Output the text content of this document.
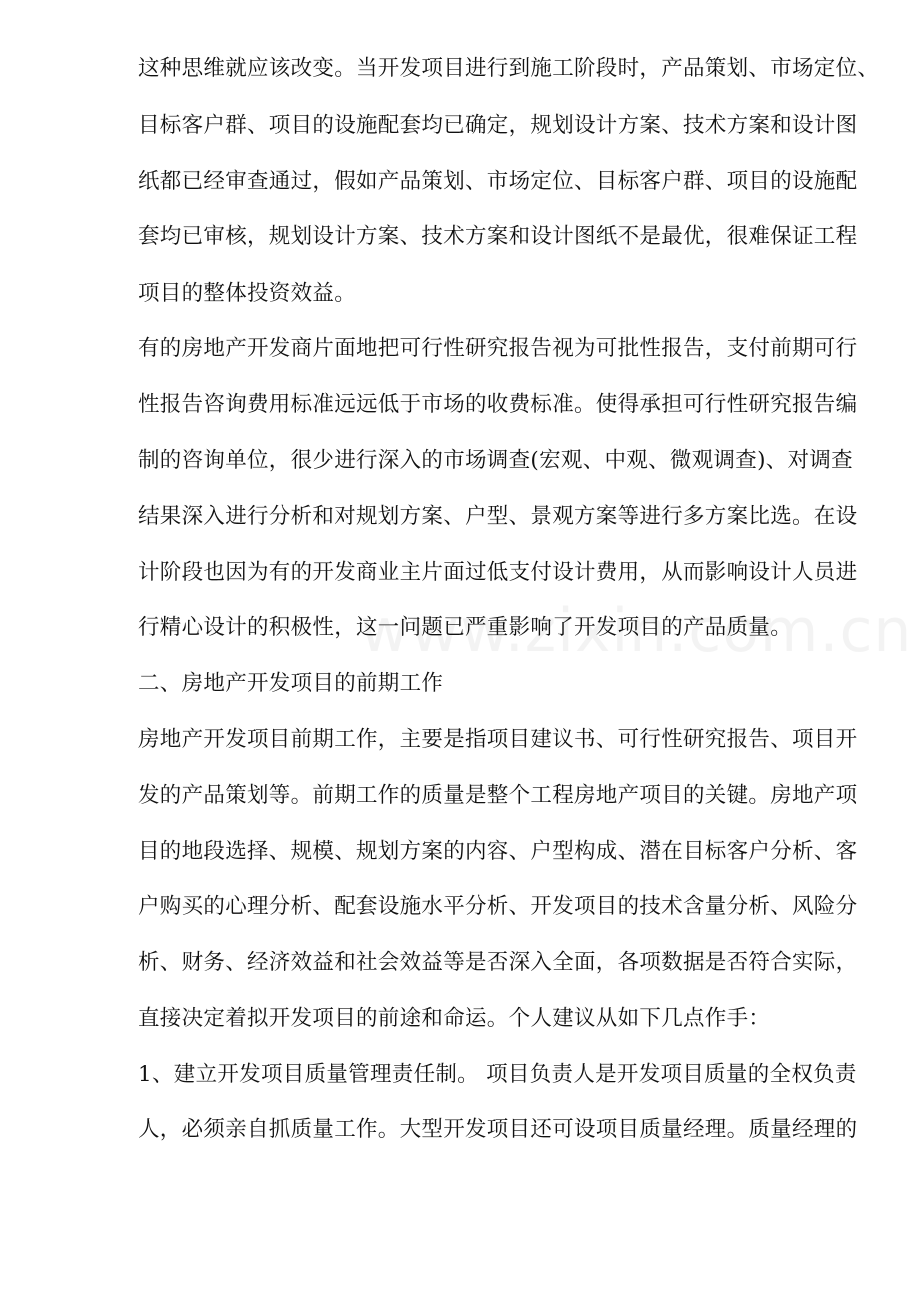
这种思维就应该改变。当开发项目进行到施工阶段时，产品策划、市场定位、
目标客户群、项目的设施配套均已确定，规划设计方案、技术方案和设计图
纸都已经审查通过，假如产品策划、市场定位、目标客户群、项目的设施配
套均已审核，规划设计方案、技术方案和设计图纸不是最优，很难保证工程
项目的整体投资效益。
有的房地产开发商片面地把可行性研究报告视为可批性报告，支付前期可行
性报告咨询费用标准远远低于市场的收费标准。使得承担可行性研究报告编
制的咨询单位，很少进行深入的市场调查(宏观、中观、微观调查)、对调查
结果深入进行分析和对规划方案、户型、景观方案等进行多方案比选。在设
计阶段也因为有的开发商业主片面过低支付设计费用，从而影响设计人员进
行精心设计的积极性，这一问题已严重影响了开发项目的产品质量。
二、房地产开发项目的前期工作
房地产开发项目前期工作，主要是指项目建议书、可行性研究报告、项目开
发的产品策划等。前期工作的质量是整个工程房地产项目的关键。房地产项
目的地段选择、规模、规划方案的内容、户型构成、潜在目标客户分析、客
户购买的心理分析、配套设施水平分析、开发项目的技术含量分析、风险分
析、财务、经济效益和社会效益等是否深入全面，各项数据是否符合实际，
直接决定着拟开发项目的前途和命运。个人建议从如下几点作手：
1、建立开发项目质量管理责任制。 项目负责人是开发项目质量的全权负责
人，必须亲自抓质量工作。大型开发项目还可设项目质量经理。质量经理的
